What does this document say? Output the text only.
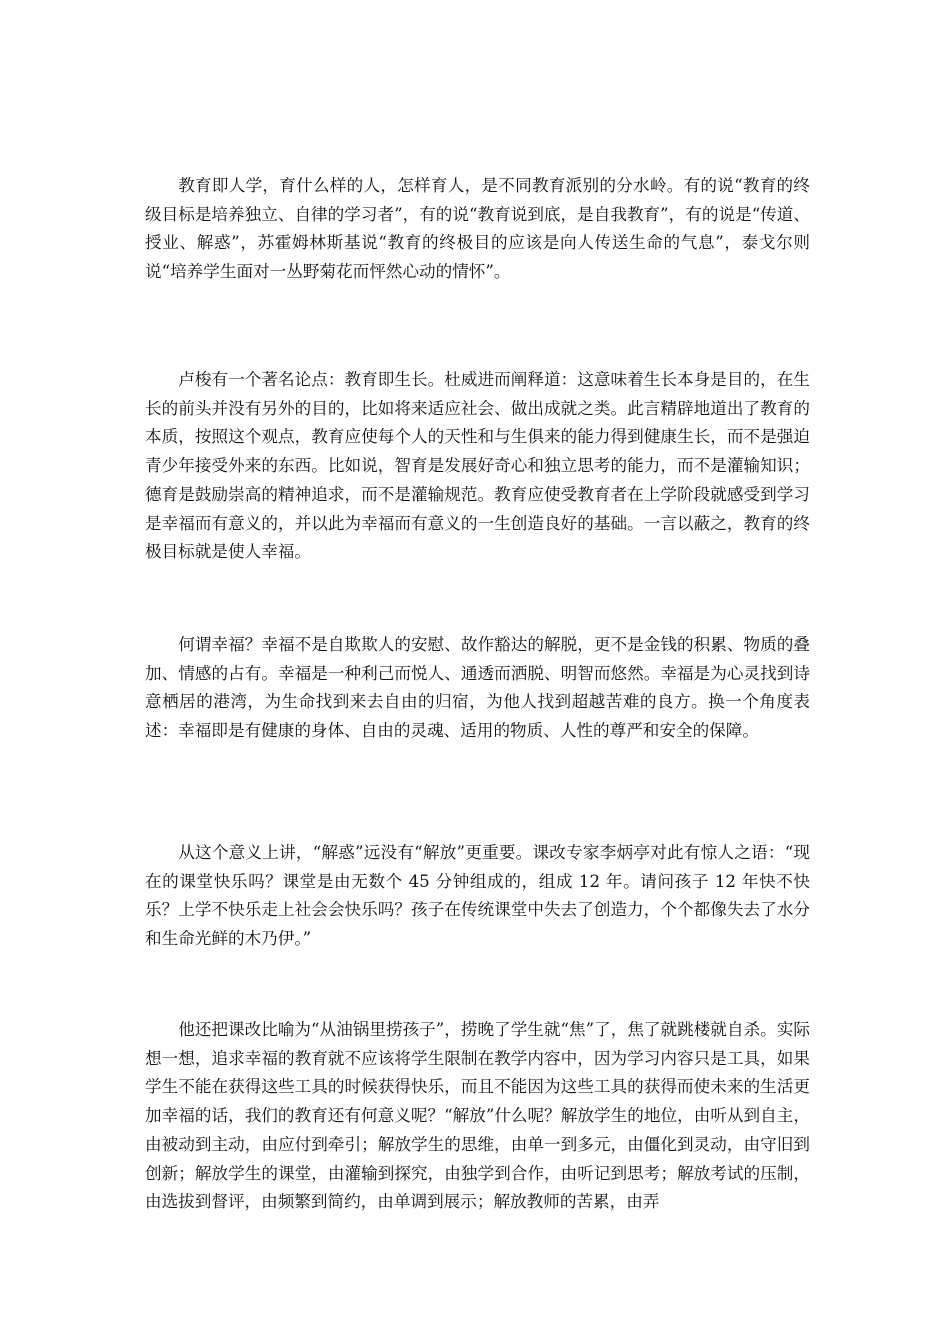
教育即人学，育什么样的人，怎样育人，是不同教育派别的分水岭。有的说“教育的终级目标是培养独立、自律的学习者”，有的说“教育说到底，是自我教育”，有的说是“传道、授业、解惑”，苏霍姆林斯基说“教育的终极目的应该是向人传送生命的气息”，泰戈尔则说“培养学生面对一丛野菊花而怦然心动的情怀”。

卢梭有一个著名论点：教育即生长。杜威进而阐释道：这意味着生长本身是目的，在生长的前头并没有另外的目的，比如将来适应社会、做出成就之类。此言精辟地道出了教育的本质，按照这个观点，教育应使每个人的天性和与生俱来的能力得到健康生长，而不是强迫青少年接受外来的东西。比如说，智育是发展好奇心和独立思考的能力，而不是灌输知识；德育是鼓励崇高的精神追求，而不是灌输规范。教育应使受教育者在上学阶段就感受到学习是幸福而有意义的，并以此为幸福而有意义的一生创造良好的基础。一言以蔽之，教育的终极目标就是使人幸福。

何谓幸福？幸福不是自欺欺人的安慰、故作豁达的解脱，更不是金钱的积累、物质的叠加、情感的占有。幸福是一种利己而悦人、通透而洒脱、明智而悠然。幸福是为心灵找到诗意栖居的港湾，为生命找到来去自由的归宿，为他人找到超越苦难的良方。换一个角度表述：幸福即是有健康的身体、自由的灵魂、适用的物质、人性的尊严和安全的保障。

从这个意义上讲，“解惑”远没有“解放”更重要。课改专家李炳亭对此有惊人之语：“现在的课堂快乐吗？课堂是由无数个 45 分钟组成的，组成 12 年。请问孩子 12 年快不快乐？上学不快乐走上社会会快乐吗？孩子在传统课堂中失去了创造力，个个都像失去了水分和生命光鲜的木乃伊。”

他还把课改比喻为“从油锅里捞孩子”，捞晚了学生就“焦”了，焦了就跳楼就自杀。实际想一想，追求幸福的教育就不应该将学生限制在教学内容中，因为学习内容只是工具，如果学生不能在获得这些工具的时候获得快乐，而且不能因为这些工具的获得而使未来的生活更加幸福的话，我们的教育还有何意义呢？“解放”什么呢？解放学生的地位，由听从到自主，由被动到主动，由应付到牵引；解放学生的思维，由单一到多元，由僵化到灵动，由守旧到创新；解放学生的课堂，由灌输到探究，由独学到合作，由听记到思考；解放考试的压制，由选拔到督评，由频繁到简约，由单调到展示；解放教师的苦累，由弄
